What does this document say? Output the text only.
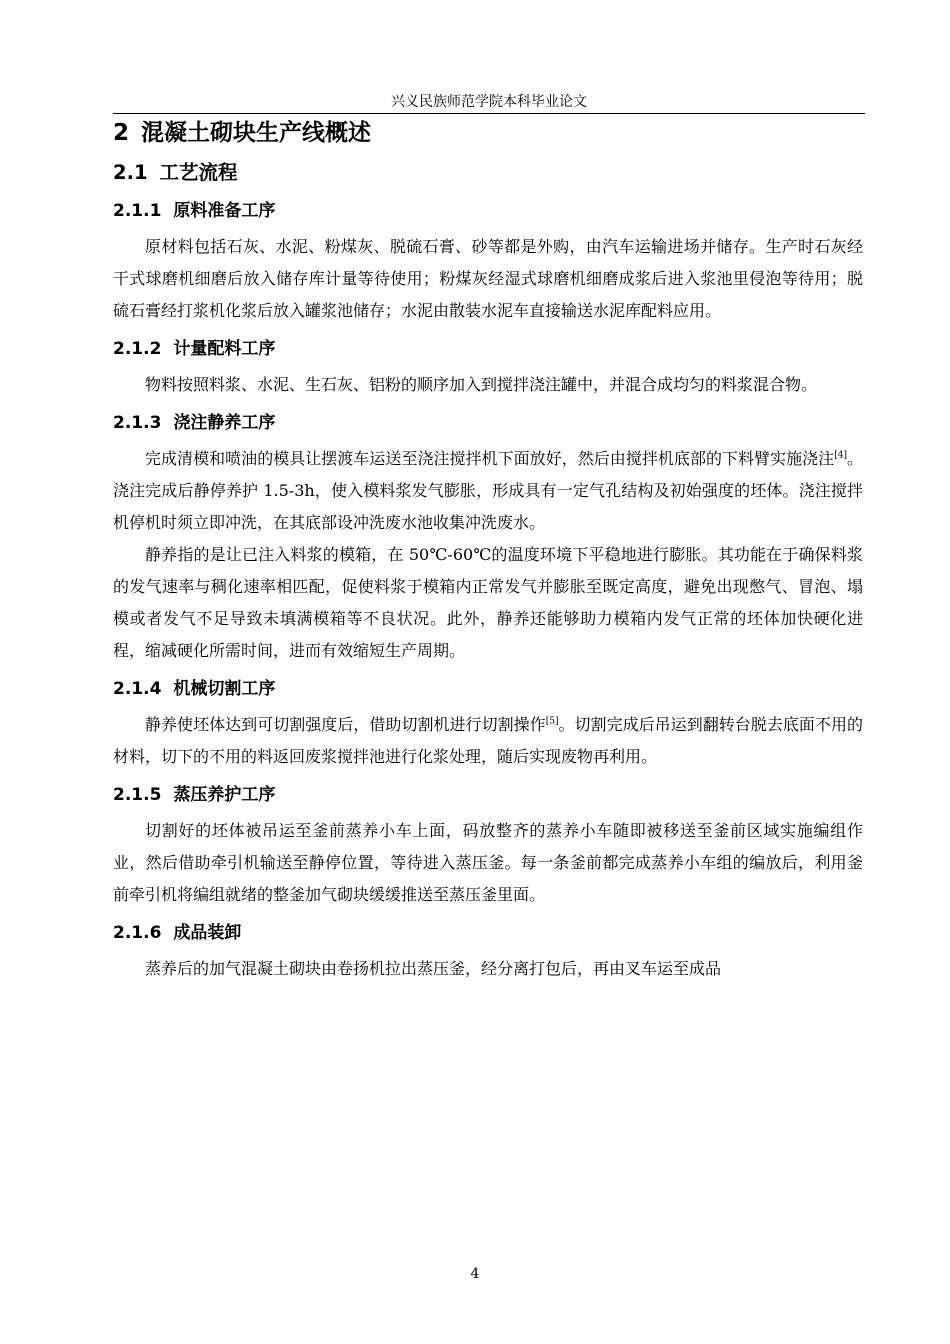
兴义民族师范学院本科毕业论文
2 混凝土砌块生产线概述
2.1 工艺流程
2.1.1 原料准备工序

原材料包括石灰、水泥、粉煤灰、脱硫石膏、砂等都是外购，由汽车运输进场并储存。生产时石灰经干式球磨机细磨后放入储存库计量等待使用；粉煤灰经湿式球磨机细磨成浆后进入浆池里侵泡等待用；脱硫石膏经打浆机化浆后放入罐浆池储存；水泥由散装水泥车直接输送水泥库配料应用。

2.1.2 计量配料工序

物料按照料浆、水泥、生石灰、铝粉的顺序加入到搅拌浇注罐中，并混合成均匀的料浆混合物。

2.1.3 浇注静养工序

完成清模和喷油的模具让摆渡车运送至浇注搅拌机下面放好，然后由搅拌机底部的下料臂实施浇注[4]。浇注完成后静停养护 1.5-3h，使入模料浆发气膨胀，形成具有一定气孔结构及初始强度的坯体。浇注搅拌机停机时须立即冲洗，在其底部设冲洗废水池收集冲洗废水。

静养指的是让已注入料浆的模箱，在 50℃-60℃的温度环境下平稳地进行膨胀。其功能在于确保料浆的发气速率与稠化速率相匹配，促使料浆于模箱内正常发气并膨胀至既定高度，避免出现憋气、冒泡、塌模或者发气不足导致未填满模箱等不良状况。此外，静养还能够助力模箱内发气正常的坯体加快硬化进程，缩减硬化所需时间，进而有效缩短生产周期。

2.1.4 机械切割工序

静养使坯体达到可切割强度后，借助切割机进行切割操作[5]。切割完成后吊运到翻转台脱去底面不用的材料，切下的不用的料返回废浆搅拌池进行化浆处理，随后实现废物再利用。

2.1.5 蒸压养护工序

切割好的坯体被吊运至釜前蒸养小车上面，码放整齐的蒸养小车随即被移送至釜前区域实施编组作业，然后借助牵引机输送至静停位置，等待进入蒸压釜。每一条釜前都完成蒸养小车组的编放后，利用釜前牵引机将编组就绪的整釜加气砌块缓缓推送至蒸压釜里面。

2.1.6 成品装卸

蒸养后的加气混凝土砌块由卷扬机拉出蒸压釜，经分离打包后，再由叉车运至成品

4
